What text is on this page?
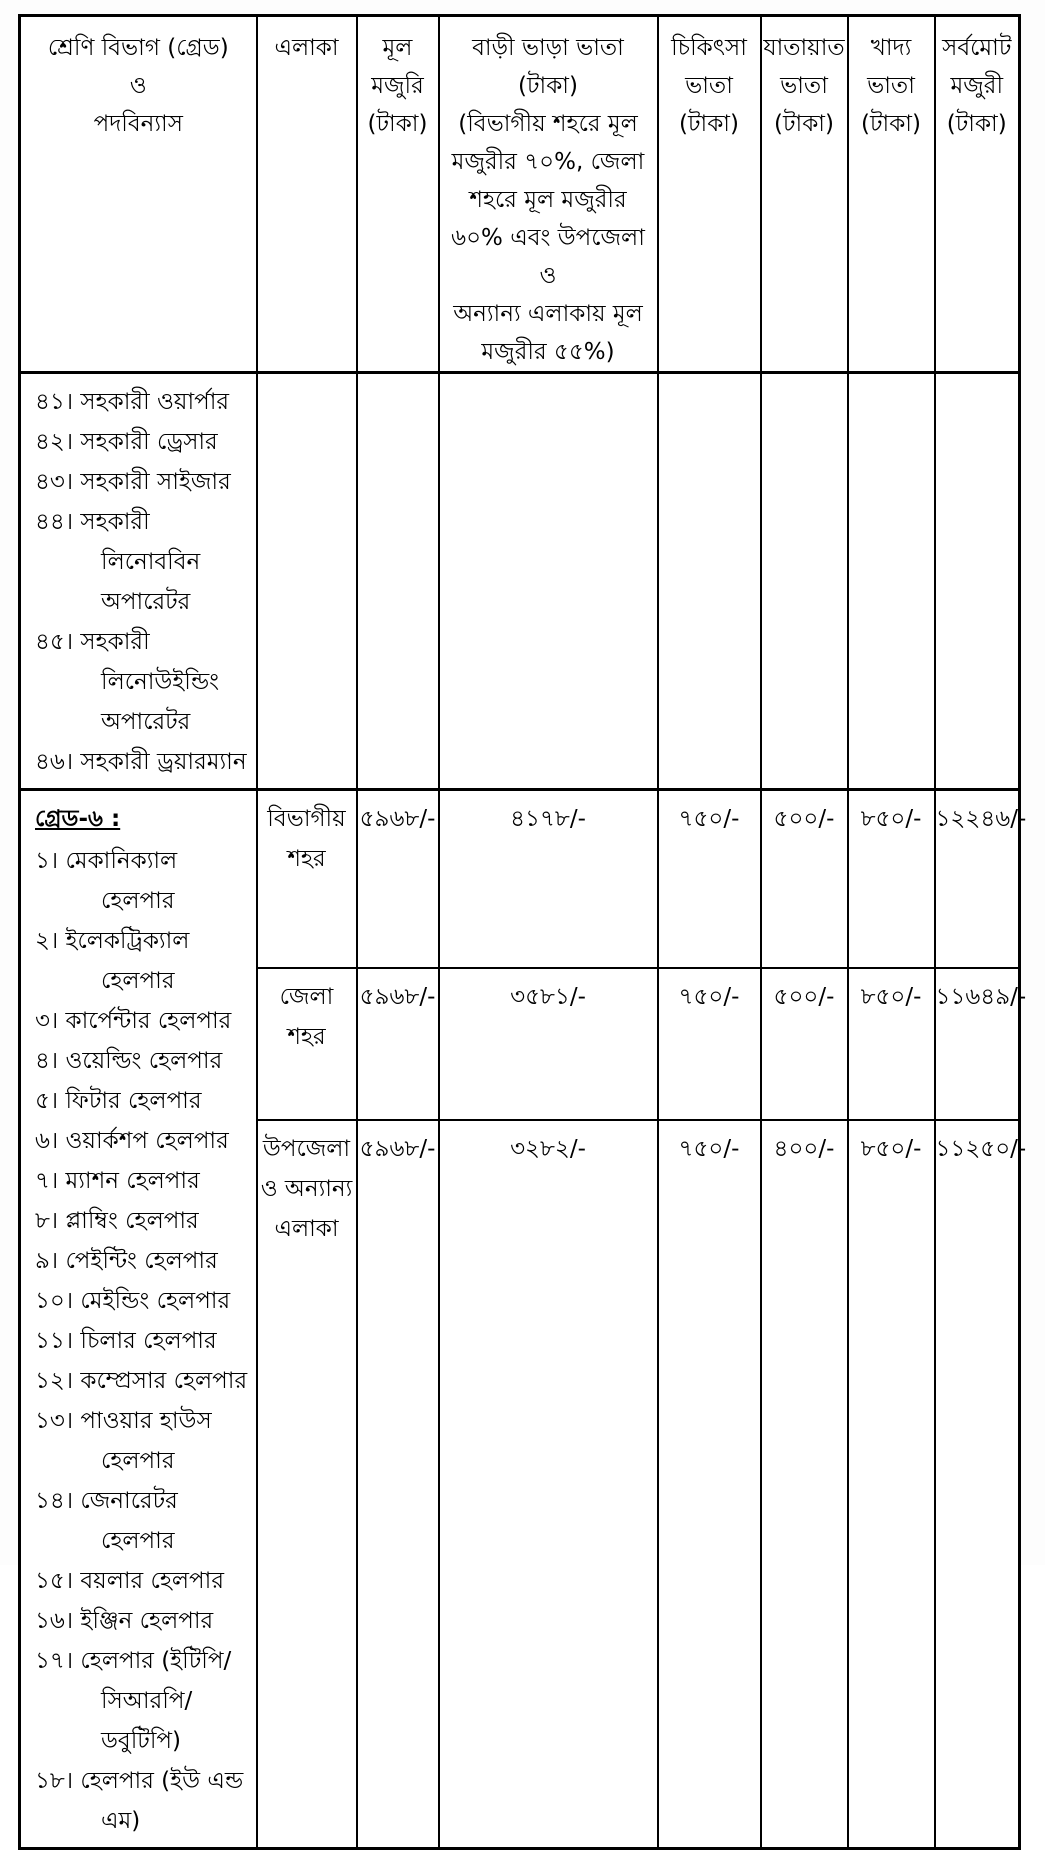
শ্রেণি বিভাগ (গ্রেড)
ও
পদবিন্যাস	এলাকা	মূল
মজুরি
(টাকা)	বাড়ী ভাড়া ভাতা (টাকা)
(বিভাগীয় শহরে মূল
মজুরীর ৭০%, জেলা
শহরে মূল মজুরীর
৬০% এবং উপজেলা ও
অন্যান্য এলাকায় মূল
মজুরীর ৫৫%)	চিকিৎসা
ভাতা
(টাকা)	যাতায়াত
ভাতা
(টাকা)	খাদ্য
ভাতা
(টাকা)	সর্বমোট
মজুরী
(টাকা)

৪১। সহকারী ওয়ার্পার
৪২। সহকারী ড্রেসার
৪৩। সহকারী সাইজার
৪৪। সহকারী লিনোববিন অপারেটর
৪৫। সহকারী লিনোউইন্ডিং অপারেটর
৪৬। সহকারী ড্রয়ারম্যান

গ্রেড-৬ :
১। মেকানিক্যাল হেলপার
২। ইলেকট্রিক্যাল হেলপার
৩। কার্পেন্টার হেলপার
৪। ওয়েল্ডিং হেলপার
৫। ফিটার হেলপার
৬। ওয়ার্কশপ হেলপার
৭। ম্যাশন হেলপার
৮। প্লাম্বিং হেলপার
৯। পেইন্টিং হেলপার
১০। মেইন্ডিং হেলপার
১১। চিলার হেলপার
১২। কম্প্রেসার হেলপার
১৩। পাওয়ার হাউস হেলপার
১৪। জেনারেটর হেলপার
১৫। বয়লার হেলপার
১৬। ইঞ্জিন হেলপার
১৭। হেলপার (ইটিপি/ সিআরপি/ডবুটিপি)
১৮। হেলপার (ইউ এন্ড এম)
	বিভাগীয় শহর	৫৯৬৮/-	৪১৭৮/-	৭৫০/-	৫০০/-	৮৫০/-	১২২৪৬/-
	জেলা শহর	৫৯৬৮/-	৩৫৮১/-	৭৫০/-	৫০০/-	৮৫০/-	১১৬৪৯/-
	উপজেলা ও অন্যান্য এলাকা	৫৯৬৮/-	৩২৮২/-	৭৫০/-	৪০০/-	৮৫০/-	১১২৫০/-
